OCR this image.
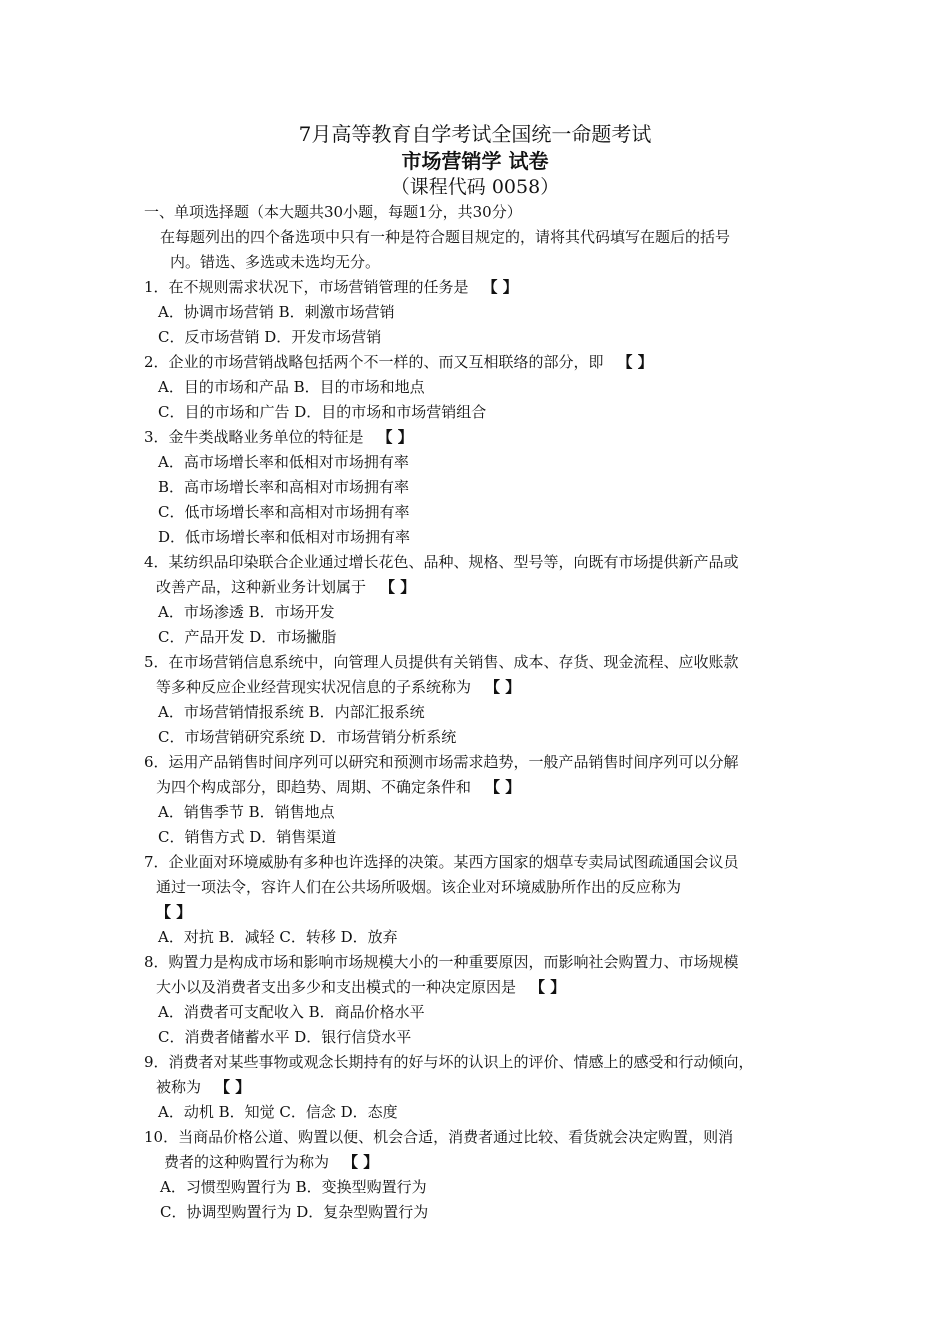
7月高等教育自学考试全国统一命题考试
市场营销学 试卷
（课程代码 0058）
一、单项选择题（本大题共30小题，每题1分，共30分）
在每题列出的四个备选项中只有一种是符合题目规定的，请将其代码填写在题后的括号
内。错选、多选或未选均无分。
1．在不规则需求状况下，市场营销管理的任务是 【 】
A．协调市场营销 B．刺激市场营销
C．反市场营销 D．开发市场营销
2．企业的市场营销战略包括两个不一样的、而又互相联络的部分，即 【 】
A．目的市场和产品 B．目的市场和地点
C．目的市场和广告 D．目的市场和市场营销组合
3．金牛类战略业务单位的特征是 【 】
A．高市场增长率和低相对市场拥有率
B．高市场增长率和高相对市场拥有率
C．低市场增长率和高相对市场拥有率
D．低市场增长率和低相对市场拥有率
4．某纺织品印染联合企业通过增长花色、品种、规格、型号等，向既有市场提供新产品或
改善产品，这种新业务计划属于 【 】
A．市场渗透 B．市场开发
C．产品开发 D．市场撇脂
5．在市场营销信息系统中，向管理人员提供有关销售、成本、存货、现金流程、应收账款
等多种反应企业经营现实状况信息的子系统称为 【 】
A．市场营销情报系统 B．内部汇报系统
C．市场营销研究系统 D．市场营销分析系统
6．运用产品销售时间序列可以研究和预测市场需求趋势，一般产品销售时间序列可以分解
为四个构成部分，即趋势、周期、不确定条件和 【 】
A．销售季节 B．销售地点
C．销售方式 D．销售渠道
7．企业面对环境威胁有多种也许选择的决策。某西方国家的烟草专卖局试图疏通国会议员
通过一项法令，容许人们在公共场所吸烟。该企业对环境威胁所作出的反应称为
【 】
A．对抗 B．减轻 C．转移 D．放弃
8．购置力是构成市场和影响市场规模大小的一种重要原因，而影响社会购置力、市场规模
大小以及消费者支出多少和支出模式的一种决定原因是 【 】
A．消费者可支配收入 B．商品价格水平
C．消费者储蓄水平 D．银行信贷水平
9．消费者对某些事物或观念长期持有的好与坏的认识上的评价、情感上的感受和行动倾向，
被称为 【 】
A．动机 B．知觉 C．信念 D．态度
10．当商品价格公道、购置以便、机会合适，消费者通过比较、看货就会决定购置，则消
费者的这种购置行为称为 【 】
A．习惯型购置行为 B．变换型购置行为
C．协调型购置行为 D．复杂型购置行为
